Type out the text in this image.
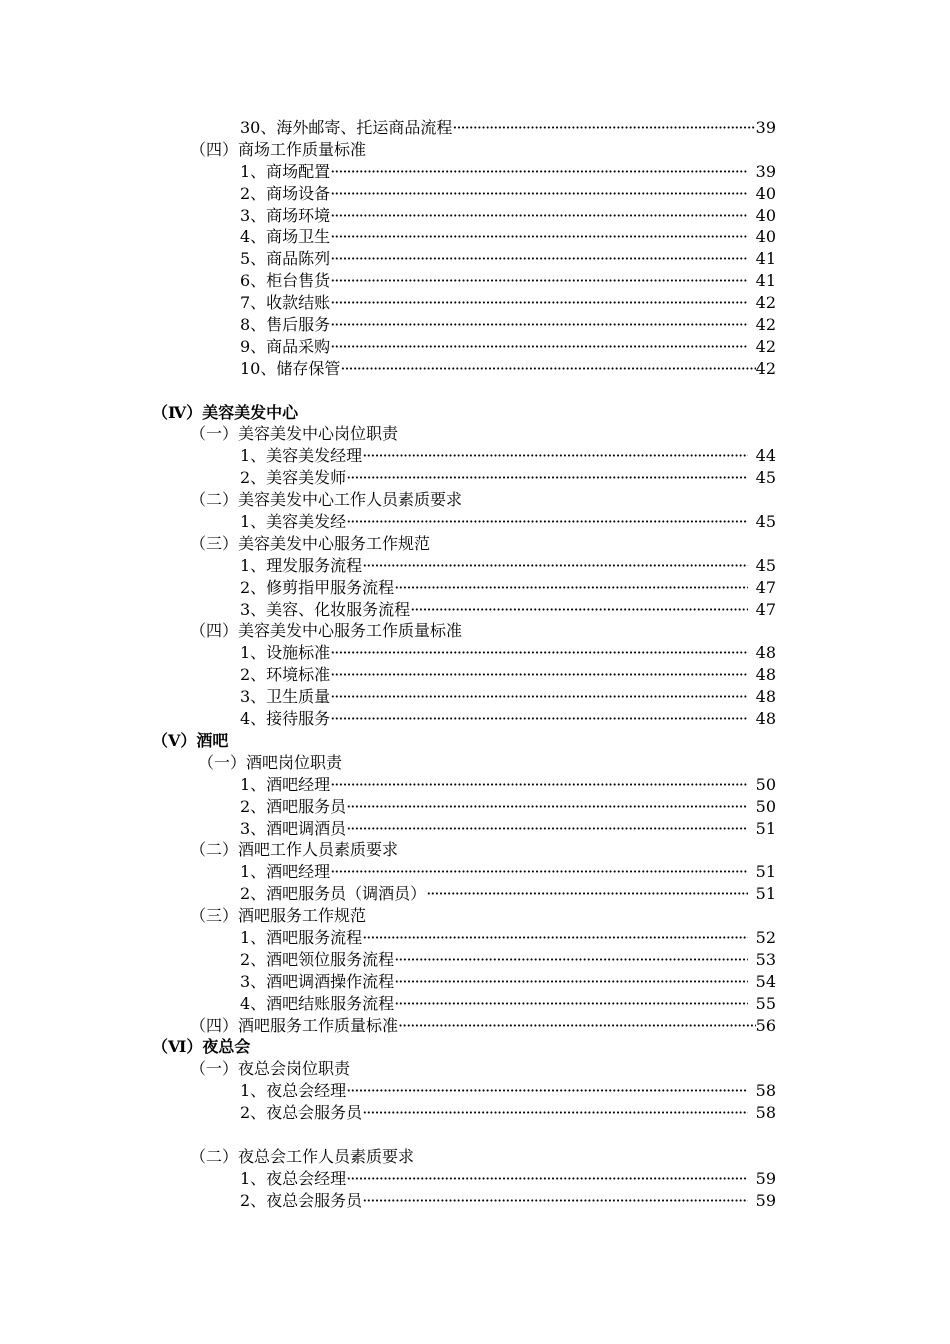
30、海外邮寄、托运商品流程 ·····	39
（四）商场工作质量标准
1、商场配置 ·····	39
2、商场设备 ·····	40
3、商场环境 ·····	40
4、商场卫生 ·····	40
5、商品陈列 ·····	41
6、柜台售货 ·····	41
7、收款结账 ·····	42
8、售后服务 ·····	42
9、商品采购 ·····	42
10、储存保管 ·····	42
（Ⅳ）美容美发中心
（一）美容美发中心岗位职责
1、美容美发经理 ·····	44
2、美容美发师 ·····	45
（二）美容美发中心工作人员素质要求
1、美容美发经 ·····	45
（三）美容美发中心服务工作规范
1、理发服务流程 ·····	45
2、修剪指甲服务流程 ·····	47
3、美容、化妆服务流程 ·····	47
（四）美容美发中心服务工作质量标准
1、设施标准 ·····	48
2、环境标准 ·····	48
3、卫生质量 ·····	48
4、接待服务 ·····	48
（Ⅴ）酒吧
（一）酒吧岗位职责
1、酒吧经理 ·····	50
2、酒吧服务员 ·····	50
3、酒吧调酒员 ·····	51
（二）酒吧工作人员素质要求
1、酒吧经理 ·····	51
2、酒吧服务员（调酒员） ·····	51
（三）酒吧服务工作规范
1、酒吧服务流程 ·····	52
2、酒吧领位服务流程 ·····	53
3、酒吧调酒操作流程 ·····	54
4、酒吧结账服务流程 ·····	55
（四）酒吧服务工作质量标准 ·····	56
（Ⅵ）夜总会
（一）夜总会岗位职责
1、夜总会经理 ·····	58
2、夜总会服务员 ·····	58
（二）夜总会工作人员素质要求
1、夜总会经理 ·····	59
2、夜总会服务员 ·····	59
